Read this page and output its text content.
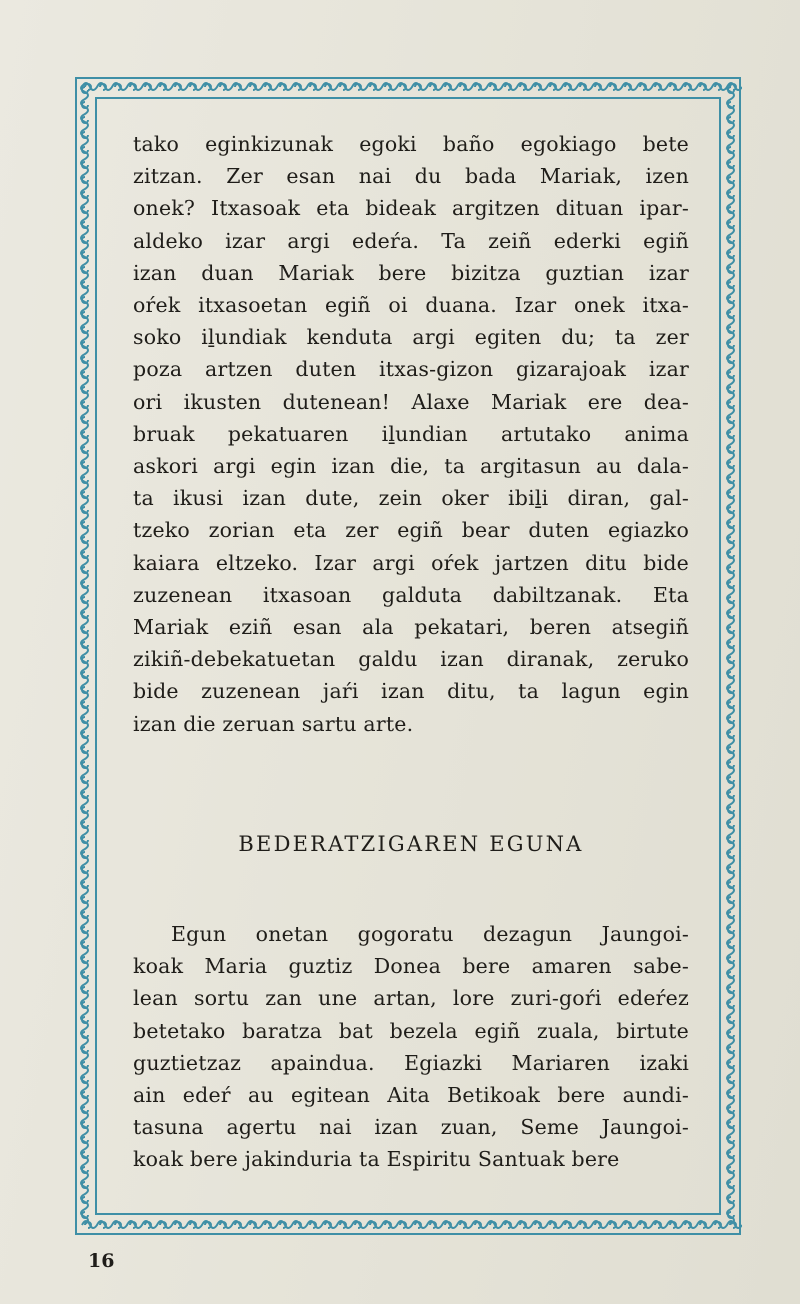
tako eginkizunak egoki baño egokiago bete
zitzan. Zer esan nai du bada Mariak, izen
onek? Itxasoak eta bideak argitzen dituan ipar-
aldeko izar argi edeŕa. Ta zeiñ ederki egiñ
izan duan Mariak bere bizitza guztian izar
oŕek itxasoetan egiñ oi duana. Izar onek itxa-
soko iḻundiak kenduta argi egiten du; ta zer
poza artzen duten itxas-gizon gizarajoak izar
ori ikusten dutenean! Alaxe Mariak ere dea-
bruak pekatuaren iḻundian artutako anima
askori argi egin izan die, ta argitasun au dala-
ta ikusi izan dute, zein oker ibiḻi diran, gal-
tzeko zorian eta zer egiñ bear duten egiazko
kaiara eltzeko. Izar argi oŕek jartzen ditu bide
zuzenean itxasoan galduta dabiltzanak. Eta
Mariak eziñ esan ala pekatari, beren atsegiñ
zikiñ-debekatuetan galdu izan diranak, zeruko
bide zuzenean jaŕi izan ditu, ta lagun egin
izan die zeruan sartu arte.

BEDERATZIGAREN EGUNA

Egun onetan gogoratu dezagun Jaungoi-
koak Maria guztiz Donea bere amaren sabe-
lean sortu zan une artan, lore zuri-goŕi edeŕez
betetako baratza bat bezela egiñ zuala, birtute
guztietzaz apaindua. Egiazki Mariaren izaki
ain edeŕ au egitean Aita Betikoak bere aundi-
tasuna agertu nai izan zuan, Seme Jaungoi-
koak bere jakinduria ta Espiritu Santuak bere

16
